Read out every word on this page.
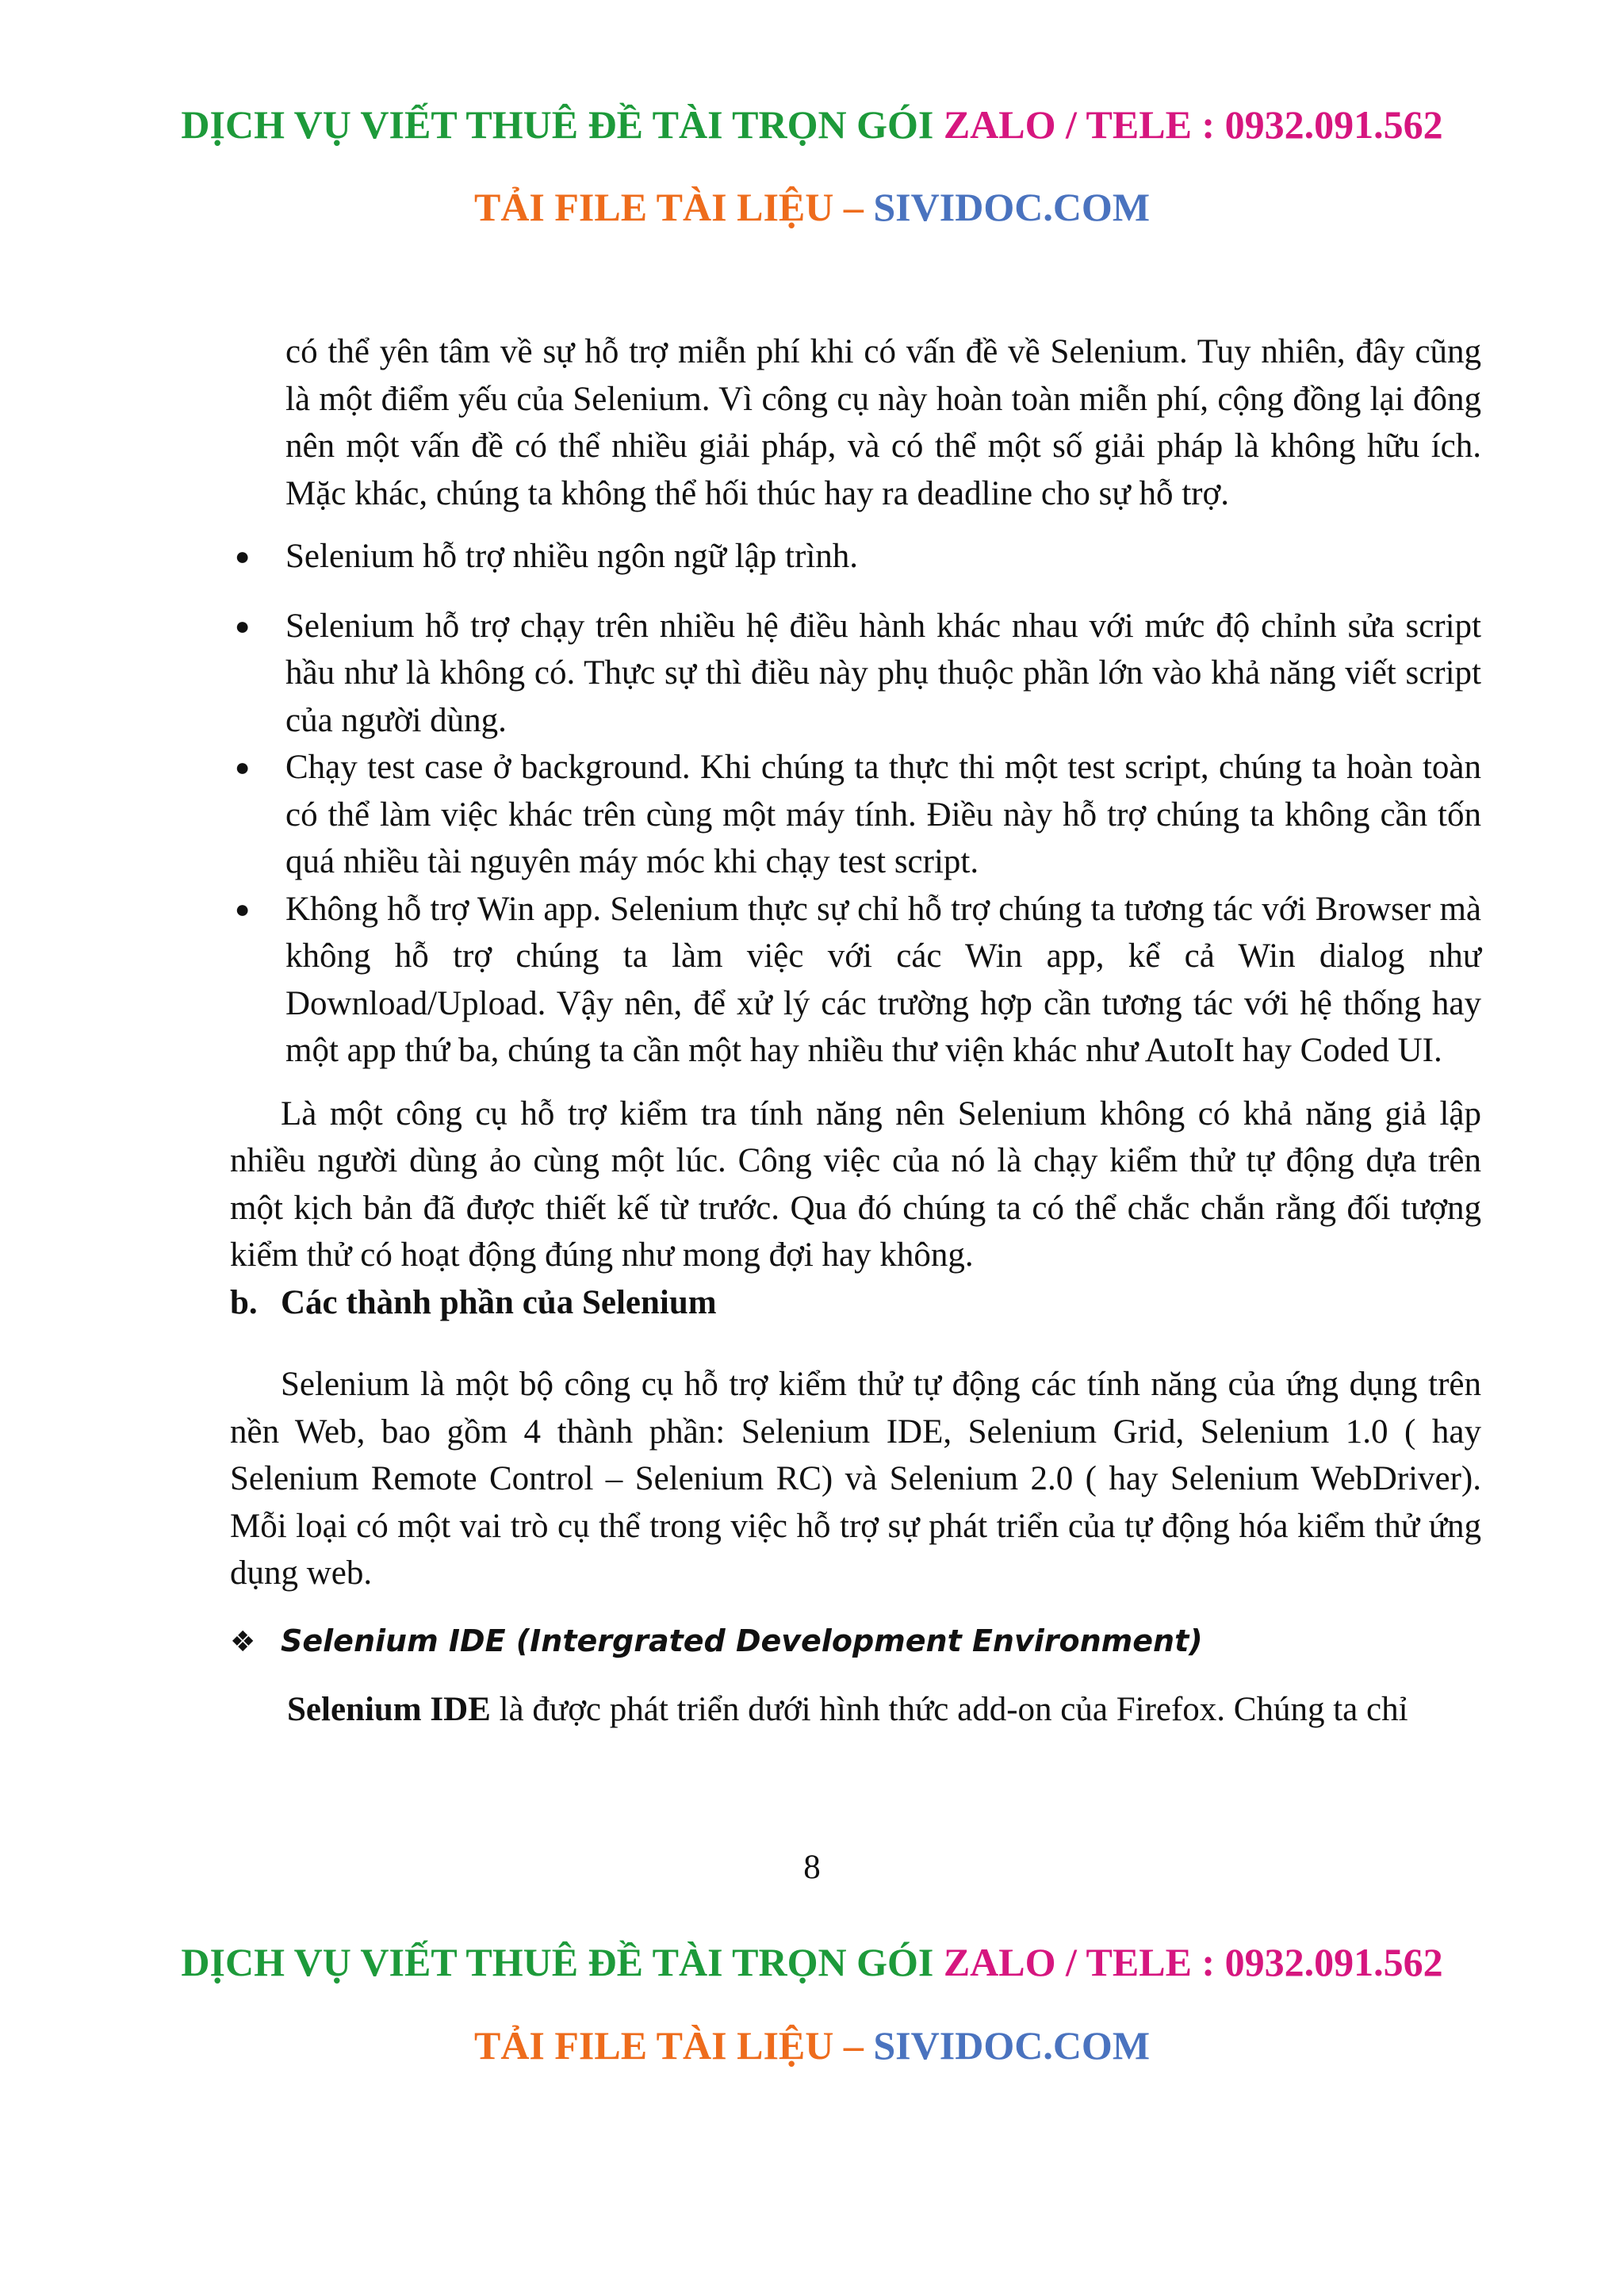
DỊCH VỤ VIẾT THUÊ ĐỀ TÀI TRỌN GÓI ZALO / TELE : 0932.091.562
TẢI FILE TÀI LIỆU – SIVIDOC.COM

có thể yên tâm về sự hỗ trợ miễn phí khi có vấn đề về Selenium. Tuy nhiên, đây cũng là một điểm yếu của Selenium. Vì công cụ này hoàn toàn miễn phí, cộng đồng lại đông nên một vấn đề có thể nhiều giải pháp, và có thể một số giải pháp là không hữu ích. Mặc khác, chúng ta không thể hối thúc hay ra deadline cho sự hỗ trợ.

● Selenium hỗ trợ nhiều ngôn ngữ lập trình.
● Selenium hỗ trợ chạy trên nhiều hệ điều hành khác nhau với mức độ chỉnh sửa script hầu như là không có. Thực sự thì điều này phụ thuộc phần lớn vào khả năng viết script của người dùng.
● Chạy test case ở background. Khi chúng ta thực thi một test script, chúng ta hoàn toàn có thể làm việc khác trên cùng một máy tính. Điều này hỗ trợ chúng ta không cần tốn quá nhiều tài nguyên máy móc khi chạy test script.
● Không hỗ trợ Win app. Selenium thực sự chỉ hỗ trợ chúng ta tương tác với Browser mà không hỗ trợ chúng ta làm việc với các Win app, kể cả Win dialog như Download/Upload. Vậy nên, để xử lý các trường hợp cần tương tác với hệ thống hay một app thứ ba, chúng ta cần một hay nhiều thư viện khác như AutoIt hay Coded UI.

Là một công cụ hỗ trợ kiểm tra tính năng nên Selenium không có khả năng giả lập nhiều người dùng ảo cùng một lúc. Công việc của nó là chạy kiểm thử tự động dựa trên một kịch bản đã được thiết kế từ trước. Qua đó chúng ta có thể chắc chắn rằng đối tượng kiểm thử có hoạt động đúng như mong đợi hay không.

b. Các thành phần của Selenium

Selenium là một bộ công cụ hỗ trợ kiểm thử tự động các tính năng của ứng dụng trên nền Web, bao gồm 4 thành phần: Selenium IDE, Selenium Grid, Selenium 1.0 ( hay Selenium Remote Control – Selenium RC) và Selenium 2.0 ( hay Selenium WebDriver). Mỗi loại có một vai trò cụ thể trong việc hỗ trợ sự phát triển của tự động hóa kiểm thử ứng dụng web.

❖ Selenium IDE (Intergrated Development Environment)

Selenium IDE là được phát triển dưới hình thức add-on của Firefox. Chúng ta chỉ

8
DỊCH VỤ VIẾT THUÊ ĐỀ TÀI TRỌN GÓI ZALO / TELE : 0932.091.562
TẢI FILE TÀI LIỆU – SIVIDOC.COM
